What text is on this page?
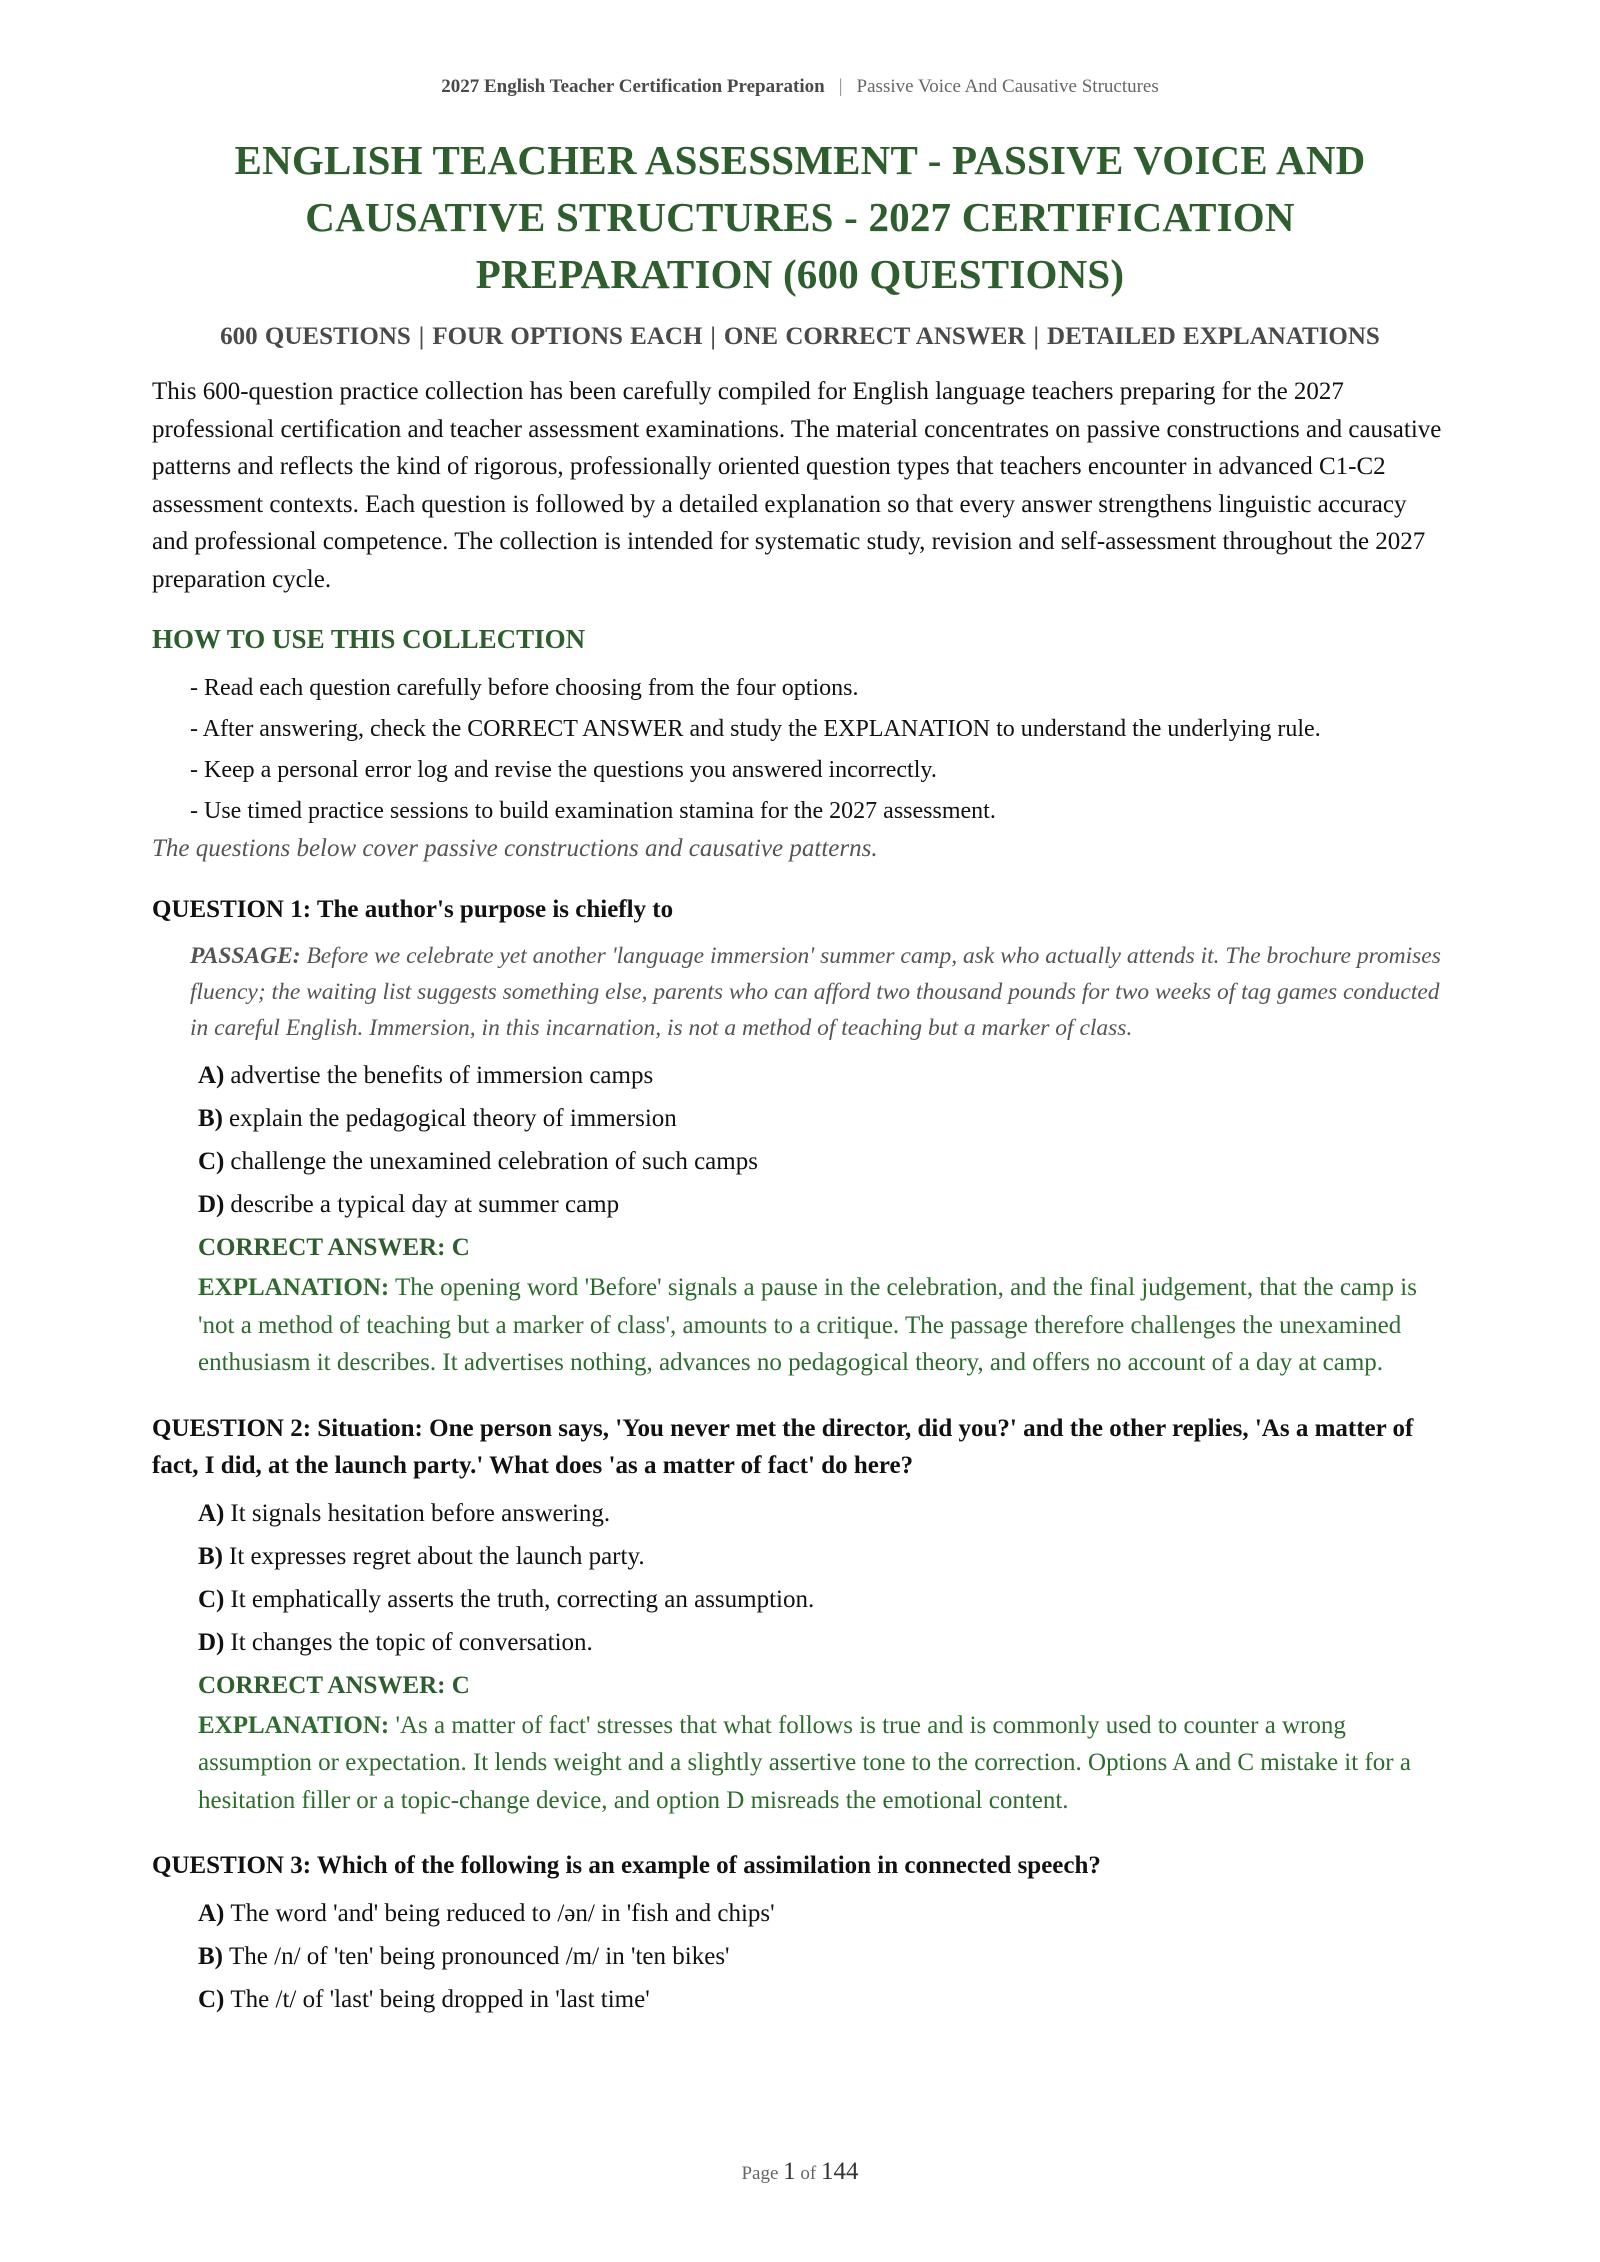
2027 English Teacher Certification Preparation | Passive Voice And Causative Structures
ENGLISH TEACHER ASSESSMENT - PASSIVE VOICE AND CAUSATIVE STRUCTURES - 2027 CERTIFICATION PREPARATION (600 QUESTIONS)
600 QUESTIONS | FOUR OPTIONS EACH | ONE CORRECT ANSWER | DETAILED EXPLANATIONS

This 600-question practice collection has been carefully compiled for English language teachers preparing for the 2027 professional certification and teacher assessment examinations. The material concentrates on passive constructions and causative patterns and reflects the kind of rigorous, professionally oriented question types that teachers encounter in advanced C1-C2 assessment contexts. Each question is followed by a detailed explanation so that every answer strengthens linguistic accuracy and professional competence. The collection is intended for systematic study, revision and self-assessment throughout the 2027 preparation cycle.

HOW TO USE THIS COLLECTION
- Read each question carefully before choosing from the four options.
- After answering, check the CORRECT ANSWER and study the EXPLANATION to understand the underlying rule.
- Keep a personal error log and revise the questions you answered incorrectly.
- Use timed practice sessions to build examination stamina for the 2027 assessment.
The questions below cover passive constructions and causative patterns.
QUESTION 1: The author's purpose is chiefly to
PASSAGE: Before we celebrate yet another 'language immersion' summer camp, ask who actually attends it. The brochure promises fluency; the waiting list suggests something else, parents who can afford two thousand pounds for two weeks of tag games conducted in careful English. Immersion, in this incarnation, is not a method of teaching but a marker of class.
A) advertise the benefits of immersion camps
B) explain the pedagogical theory of immersion
C) challenge the unexamined celebration of such camps
D) describe a typical day at summer camp
CORRECT ANSWER: C
EXPLANATION: The opening word 'Before' signals a pause in the celebration, and the final judgement, that the camp is 'not a method of teaching but a marker of class', amounts to a critique. The passage therefore challenges the unexamined enthusiasm it describes. It advertises nothing, advances no pedagogical theory, and offers no account of a day at camp.
QUESTION 2: Situation: One person says, 'You never met the director, did you?' and the other replies, 'As a matter of fact, I did, at the launch party.' What does 'as a matter of fact' do here?
A) It signals hesitation before answering.
B) It expresses regret about the launch party.
C) It emphatically asserts the truth, correcting an assumption.
D) It changes the topic of conversation.
CORRECT ANSWER: C
EXPLANATION: 'As a matter of fact' stresses that what follows is true and is commonly used to counter a wrong assumption or expectation. It lends weight and a slightly assertive tone to the correction. Options A and C mistake it for a hesitation filler or a topic-change device, and option D misreads the emotional content.
QUESTION 3: Which of the following is an example of assimilation in connected speech?
A) The word 'and' being reduced to /ən/ in 'fish and chips'
B) The /n/ of 'ten' being pronounced /m/ in 'ten bikes'
C) The /t/ of 'last' being dropped in 'last time'
Page 1 of 144
